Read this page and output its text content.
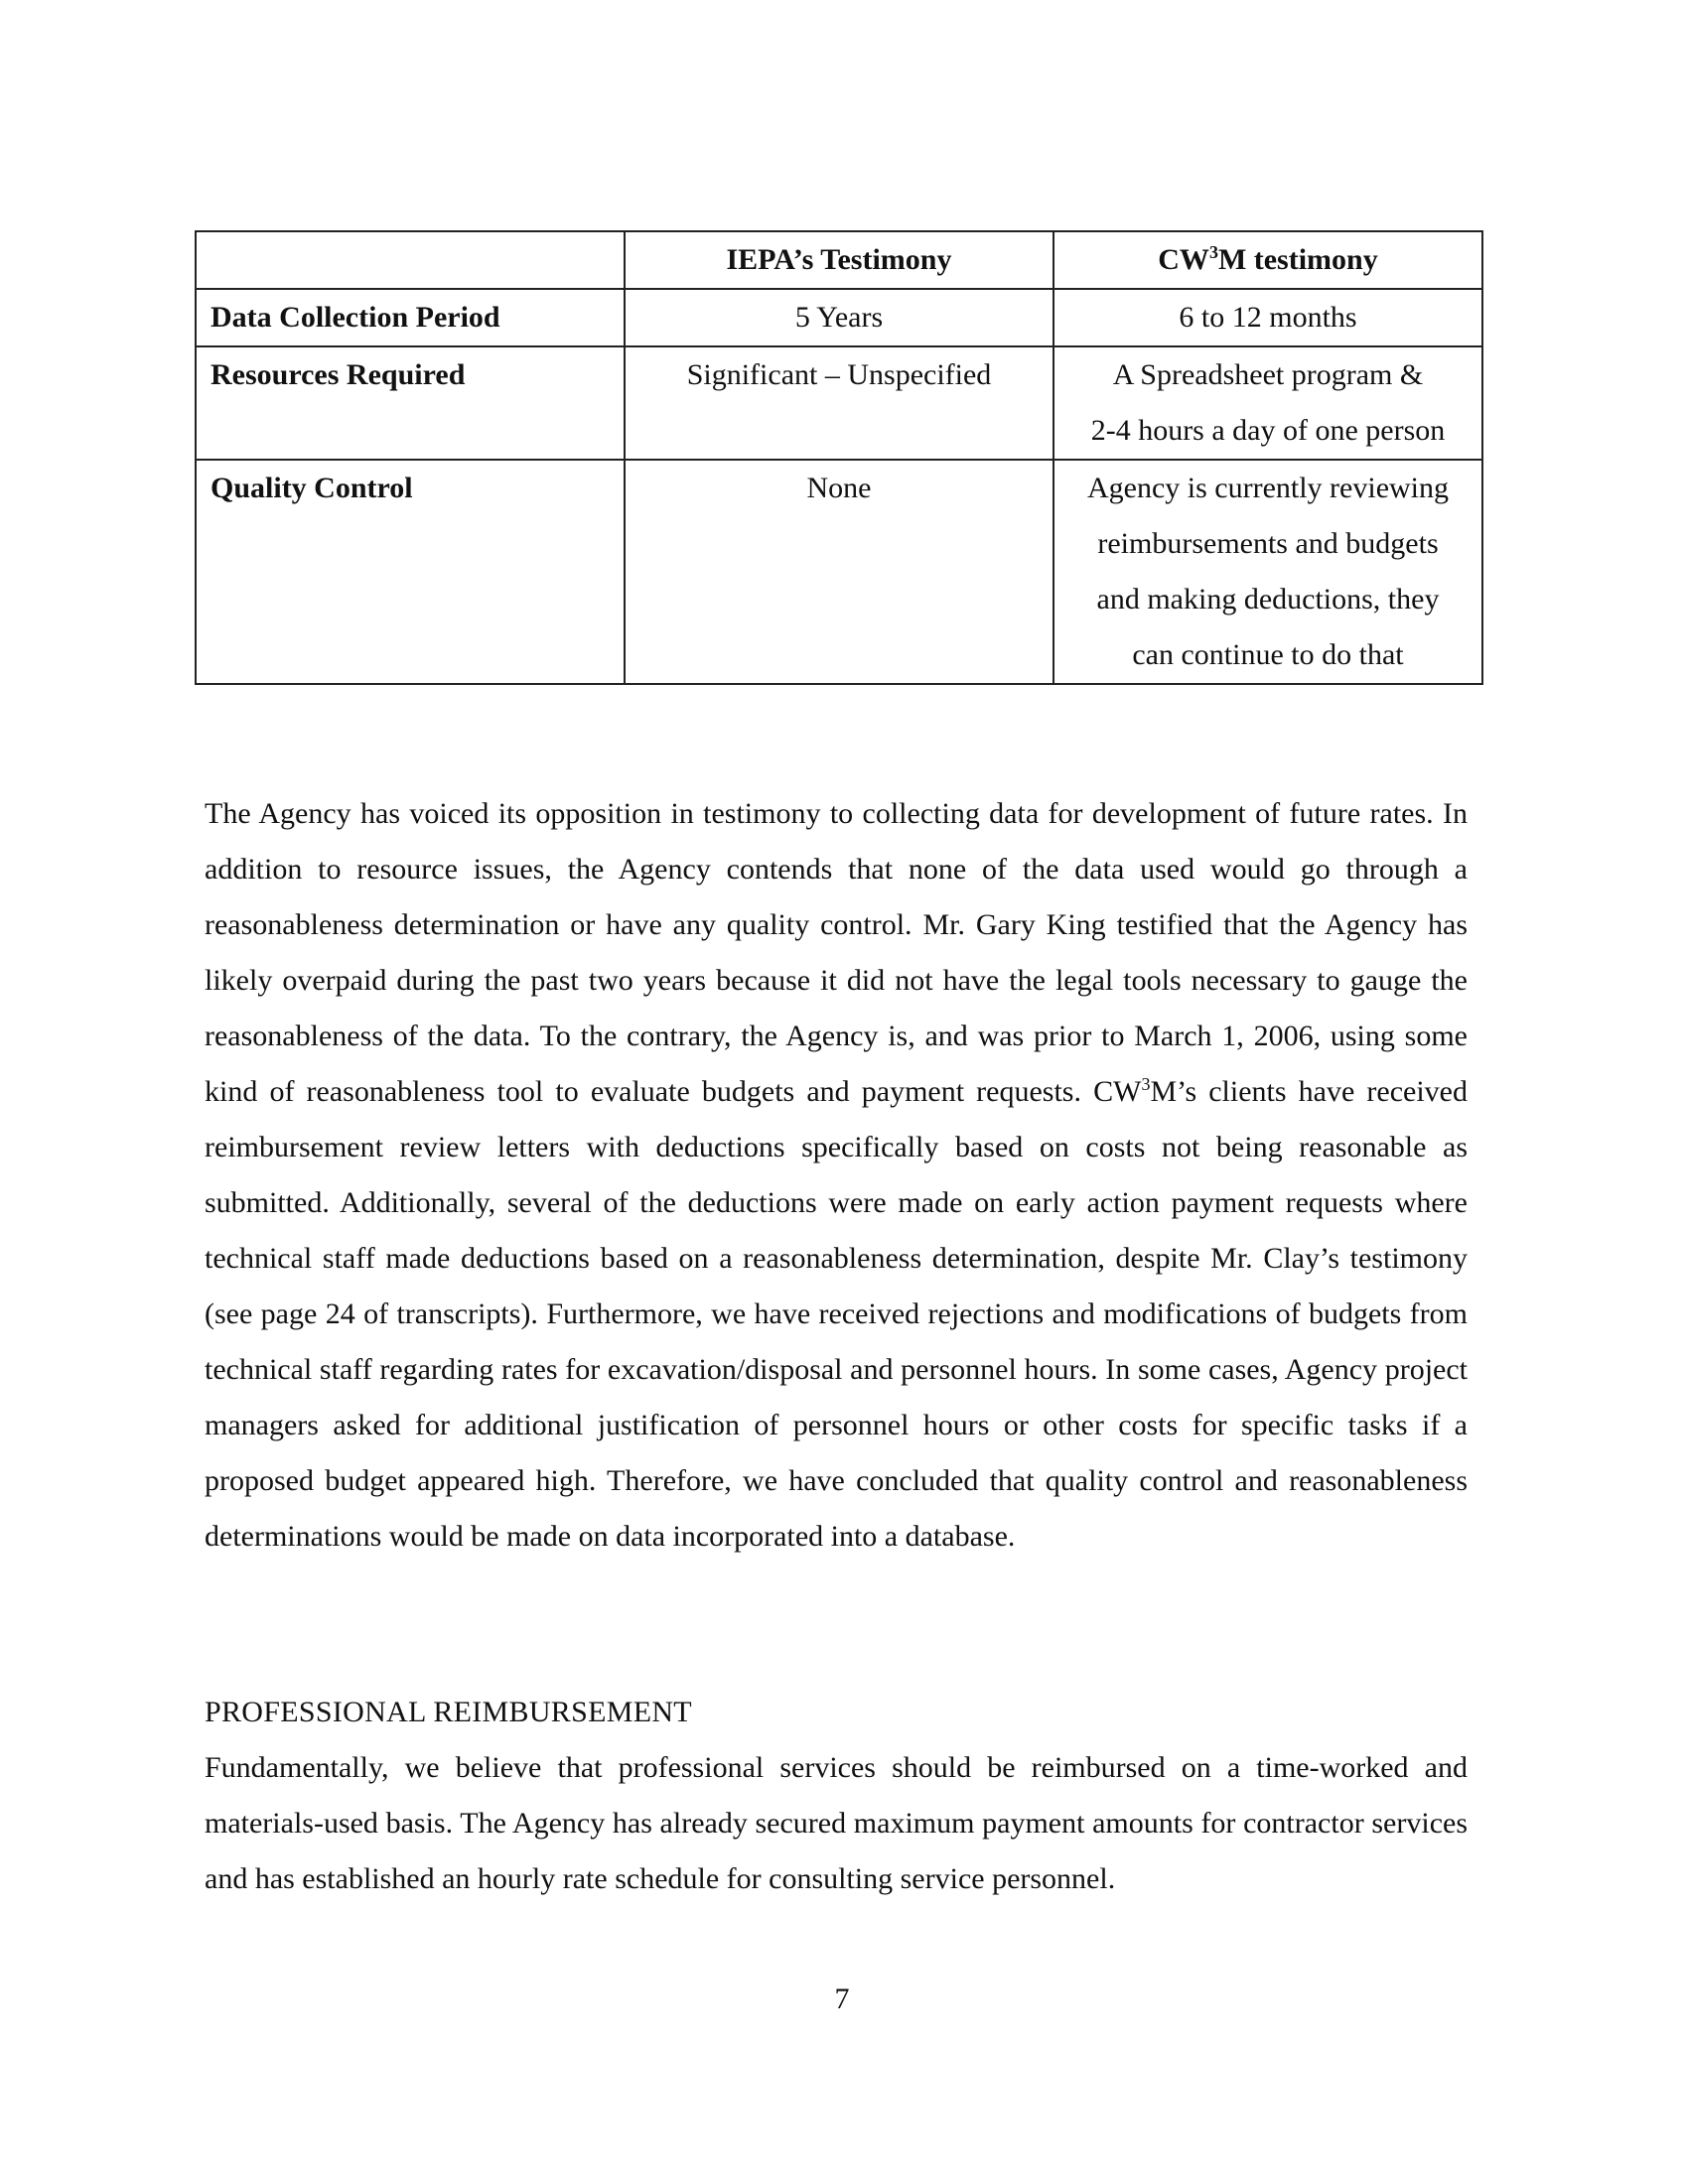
	IEPA’s Testimony	$CW^3M$ testimony
Data Collection Period	5 Years	6 to 12 months

Resources Required	Significant – Unspecified	A Spreadsheet program &
2-4 hours a day of one person

Quality Control	None	Agency is currently reviewing
reimbursements and budgets
and making deductions, they
can continue to do that

The Agency has voiced its opposition in testimony to collecting data for development of future rates. In addition to resource issues, the Agency contends that none of the data used would go through a reasonableness determination or have any quality control. Mr. Gary King testified that the Agency has likely overpaid during the past two years because it did not have the legal tools necessary to gauge the reasonableness of the data. To the contrary, the Agency is, and was prior to March 1, 2006, using some kind of reasonableness tool to evaluate budgets and payment requests. $CW^3M’s$ clients have received reimbursement review letters with deductions specifically based on costs not being reasonable as submitted. Additionally, several of the deductions were made on early action payment requests where technical staff made deductions based on a reasonableness determination, despite Mr. Clay’s testimony (see page 24 of transcripts). Furthermore, we have received rejections and modifications of budgets from technical staff regarding rates for excavation/disposal and personnel hours. In some cases, Agency project managers asked for additional justification of personnel hours or other costs for specific tasks if a proposed budget appeared high. Therefore, we have concluded that quality control and reasonableness determinations would be made on data incorporated into a database.

PROFESSIONAL REIMBURSEMENT

Fundamentally, we believe that professional services should be reimbursed on a time-worked and materials-used basis. The Agency has already secured maximum payment amounts for contractor services and has established an hourly rate schedule for consulting service personnel.

7
